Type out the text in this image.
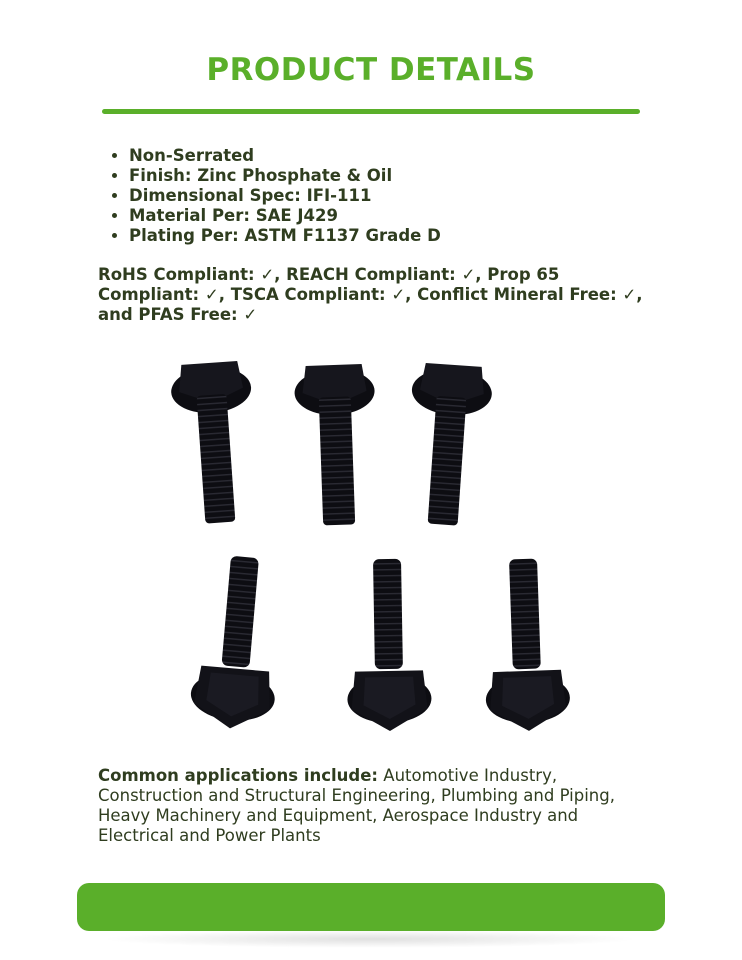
PRODUCT DETAILS
• Non-Serrated
• Finish: Zinc Phosphate & Oil
• Dimensional Spec: IFI-111
• Material Per: SAE J429
• Plating Per: ASTM F1137 Grade D

RoHS Compliant: ✓, REACH Compliant: ✓, Prop 65 Compliant: ✓, TSCA Compliant: ✓, Conflict Mineral Free: ✓, and PFAS Free: ✓

Common applications include: Automotive Industry, Construction and Structural Engineering, Plumbing and Piping, Heavy Machinery and Equipment, Aerospace Industry and Electrical and Power Plants
